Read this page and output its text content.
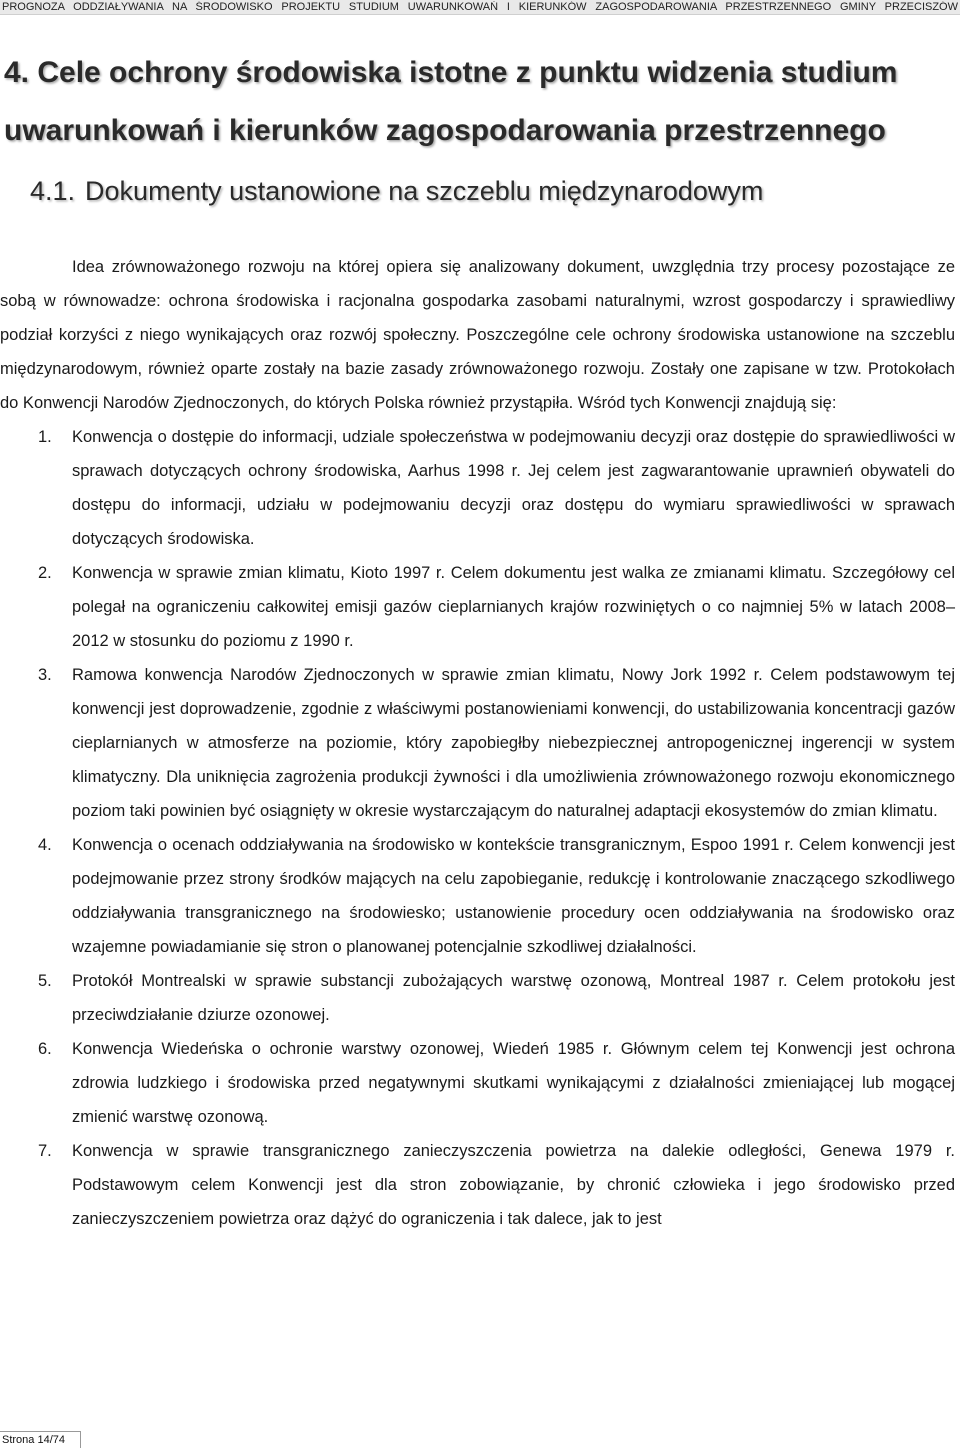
PROGNOZA ODDZIAŁYWANIA NA ŚRODOWISKO PROJEKTU STUDIUM UWARUNKOWAŃ I KIERUNKÓW ZAGOSPODAROWANIA PRZESTRZENNEGO GMINY PRZECISZÓW
4. Cele ochrony środowiska istotne z punktu widzenia studium uwarunkowań i kierunków zagospodarowania przestrzennego
4.1. Dokumenty ustanowione na szczeblu międzynarodowym

Idea zrównoważonego rozwoju na której opiera się analizowany dokument, uwzględnia trzy procesy pozostające ze sobą w równowadze: ochrona środowiska i racjonalna gospodarka zasobami naturalnymi, wzrost gospodarczy i sprawiedliwy podział korzyści z niego wynikających oraz rozwój społeczny. Poszczególne cele ochrony środowiska ustanowione na szczeblu międzynarodowym, również oparte zostały na bazie zasady zrównoważonego rozwoju. Zostały one zapisane w tzw. Protokołach do Konwencji Narodów Zjednoczonych, do których Polska również przystąpiła. Wśród tych Konwencji znajdują się:

1.	Konwencja o dostępie do informacji, udziale społeczeństwa w podejmowaniu decyzji oraz dostępie do sprawiedliwości w sprawach dotyczących ochrony środowiska, Aarhus 1998 r. Jej celem jest zagwarantowanie uprawnień obywateli do dostępu do informacji, udziału w podejmowaniu decyzji oraz dostępu do wymiaru sprawiedliwości w sprawach dotyczących środowiska.
2.	Konwencja w sprawie zmian klimatu, Kioto 1997 r. Celem dokumentu jest walka ze zmianami klimatu. Szczegółowy cel polegał na ograniczeniu całkowitej emisji gazów cieplarnianych krajów rozwiniętych o co najmniej 5% w latach 2008–2012 w stosunku do poziomu z 1990 r.
3.	Ramowa konwencja Narodów Zjednoczonych w sprawie zmian klimatu, Nowy Jork 1992 r. Celem podstawowym tej konwencji jest doprowadzenie, zgodnie z właściwymi postanowieniami konwencji, do ustabilizowania koncentracji gazów cieplarnianych w atmosferze na poziomie, który zapobiegłby niebezpiecznej antropogenicznej ingerencji w system klimatyczny. Dla uniknięcia zagrożenia produkcji żywności i dla umożliwienia zrównoważonego rozwoju ekonomicznego poziom taki powinien być osiągnięty w okresie wystarczającym do naturalnej adaptacji ekosystemów do zmian klimatu.
4.	Konwencja o ocenach oddziaływania na środowisko w kontekście transgranicznym, Espoo 1991 r. Celem konwencji jest podejmowanie przez strony środków mających na celu zapobieganie, redukcję i kontrolowanie znaczącego szkodliwego oddziaływania transgranicznego na środowiesko; ustanowienie procedury ocen oddziaływania na środowisko oraz wzajemne powiadamianie się stron o planowanej potencjalnie szkodliwej działalności.
5.	Protokół Montrealski w sprawie substancji zubożających warstwę ozonową, Montreal 1987 r. Celem protokołu jest przeciwdziałanie dziurze ozonowej.
6.	Konwencja Wiedeńska o ochronie warstwy ozonowej, Wiedeń 1985 r. Głównym celem tej Konwencji jest ochrona zdrowia ludzkiego i środowiska przed negatywnymi skutkami wynikającymi z działalności zmieniającej lub mogącej zmienić warstwę ozonową.
7.	Konwencja w sprawie transgranicznego zanieczyszczenia powietrza na dalekie odległości, Genewa 1979 r. Podstawowym celem Konwencji jest dla stron zobowiązanie, by chronić człowieka i jego środowisko przed zanieczyszczeniem powietrza oraz dążyć do ograniczenia i tak dalece, jak to jest
Strona 14/74
